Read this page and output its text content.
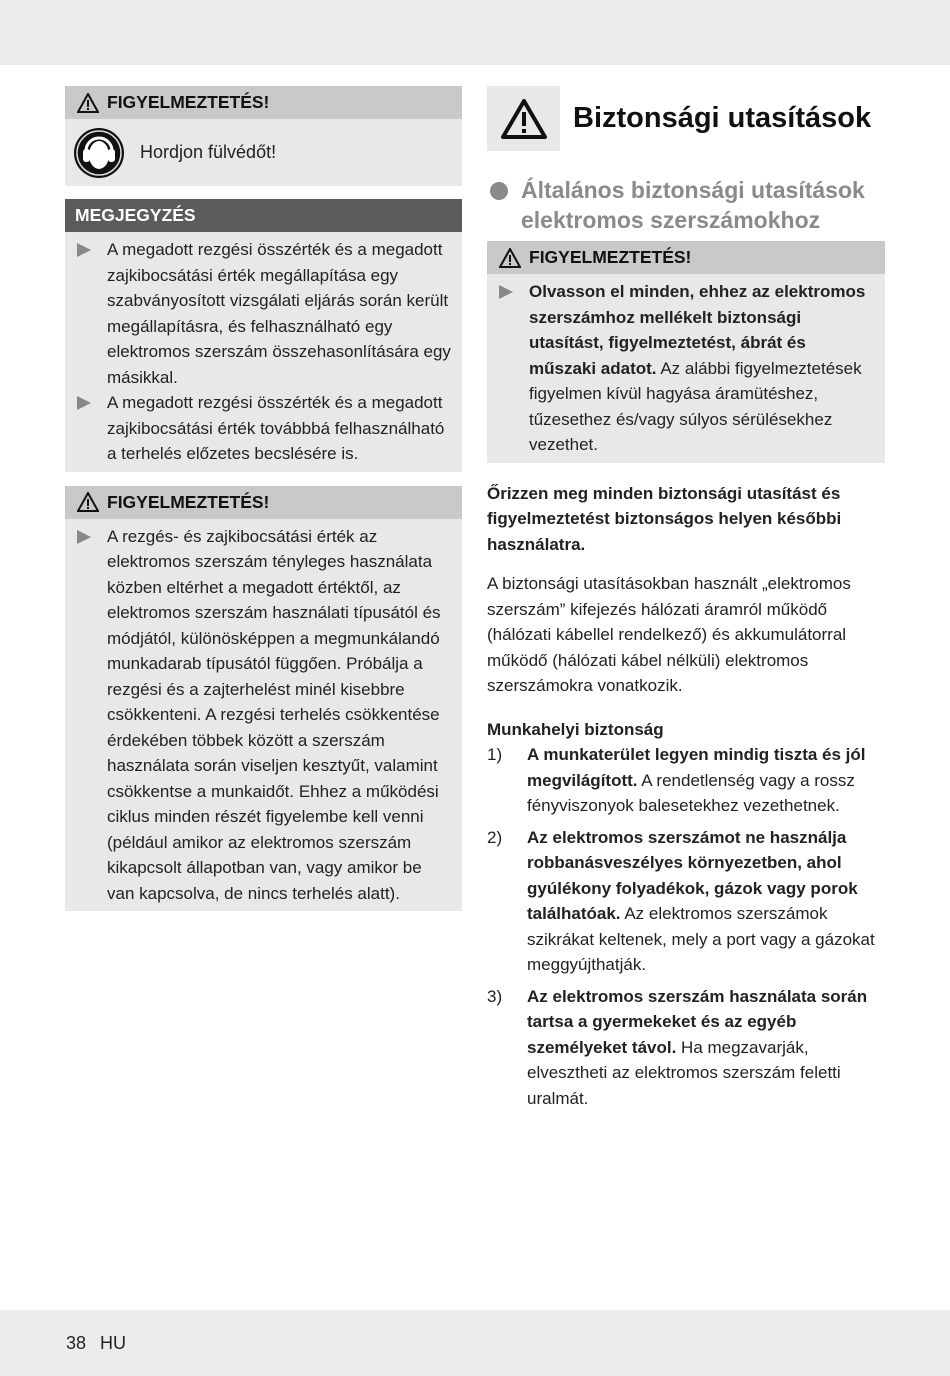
FIGYELMEZTETÉS!
Hordjon fülvédőt!
MEGJEGYZÉS
A megadott rezgési összérték és a megadott zajkibocsátási érték megállapítása egy szabványosított vizsgálati eljárás során került megállapításra, és felhasználható egy elektromos szerszám összehasonlítására egy másikkal.
A megadott rezgési összérték és a megadott zajkibocsátási érték továbbbá felhasználható a terhelés előzetes becslésére is.
FIGYELMEZTETÉS!
A rezgés- és zajkibocsátási érték az elektromos szerszám tényleges használata közben eltérhet a megadott értéktől, az elektromos szerszám használati típusától és módjától, különösképpen a megmunkálandó munkadarab típusától függően. Próbálja a rezgési és a zajterhelést minél kisebbre csökkenteni. A rezgési terhelés csökkentése érdekében többek között a szerszám használata során viseljen kesztyűt, valamint csökkentse a munkaidőt. Ehhez a működési ciklus minden részét figyelembe kell venni (például amikor az elektromos szerszám kikapcsolt állapotban van, vagy amikor be van kapcsolva, de nincs terhelés alatt).
Biztonsági utasítások
Általános biztonsági utasítások elektromos szerszámokhoz
FIGYELMEZTETÉS!
Olvasson el minden, ehhez az elektromos szerszámhoz mellékelt biztonsági utasítást, figyelmeztetést, ábrát és műszaki adatot. Az alábbi figyelmeztetések figyelmen kívül hagyása áramütéshez, tűzesethez és/vagy súlyos sérülésekhez vezethet.

Őrizzen meg minden biztonsági utasítást és figyelmeztetést biztonságos helyen későbbi használatra.

A biztonsági utasításokban használt „elektromos szerszám” kifejezés hálózati áramról működő (hálózati kábellel rendelkező) és akkumulátorral működő (hálózati kábel nélküli) elektromos szerszámokra vonatkozik.

Munkahelyi biztonság

1) A munkaterület legyen mindig tiszta és jól megvilágított. A rendetlenség vagy a rossz fényviszonyok balesetekhez vezethetnek.
2) Az elektromos szerszámot ne használja robbanásveszélyes környezetben, ahol gyúlékony folyadékok, gázok vagy porok találhatóak. Az elektromos szerszámok szikrákat keltenek, mely a port vagy a gázokat meggyújthatják.
3) Az elektromos szerszám használata során tartsa a gyermekeket és az egyéb személyeket távol. Ha megzavarják, elvesztheti az elektromos szerszám feletti uralmát.
38 HU
